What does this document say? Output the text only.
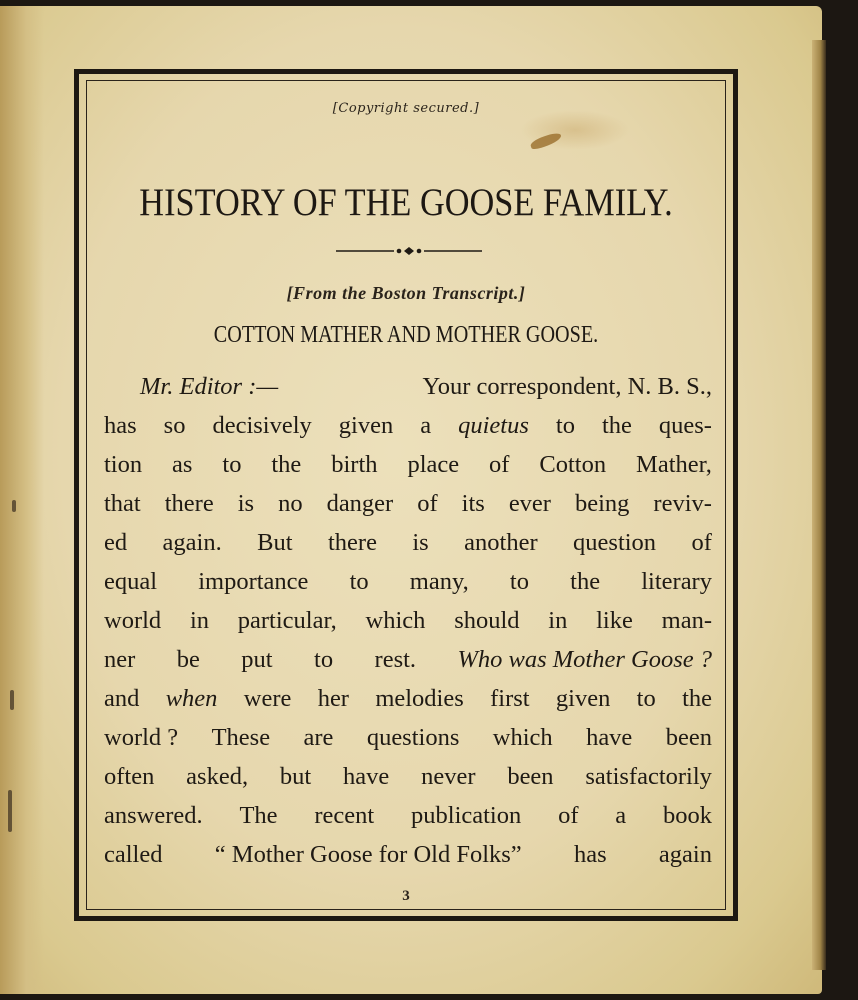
[Copyright secured.]
HISTORY OF THE GOOSE FAMILY.
[From the Boston Transcript.]
COTTON MATHER AND MOTHER GOOSE.
Mr. Editor :—	Your correspondent, N. B. S.,
has so decisively given a quietus to the ques-
tion as to the birth place of Cotton Mather,
that there is no danger of its ever being reviv-
ed again. But there is another question of
equal importance to many, to the literary
world in particular, which should in like man-
ner be put to rest. Who was Mother Goose ?
and when were her melodies first given to the
world ? These are questions which have been
often asked, but have never been satisfactorily
answered. The recent publication of a book
called “ Mother Goose for Old Folks” has again
3
